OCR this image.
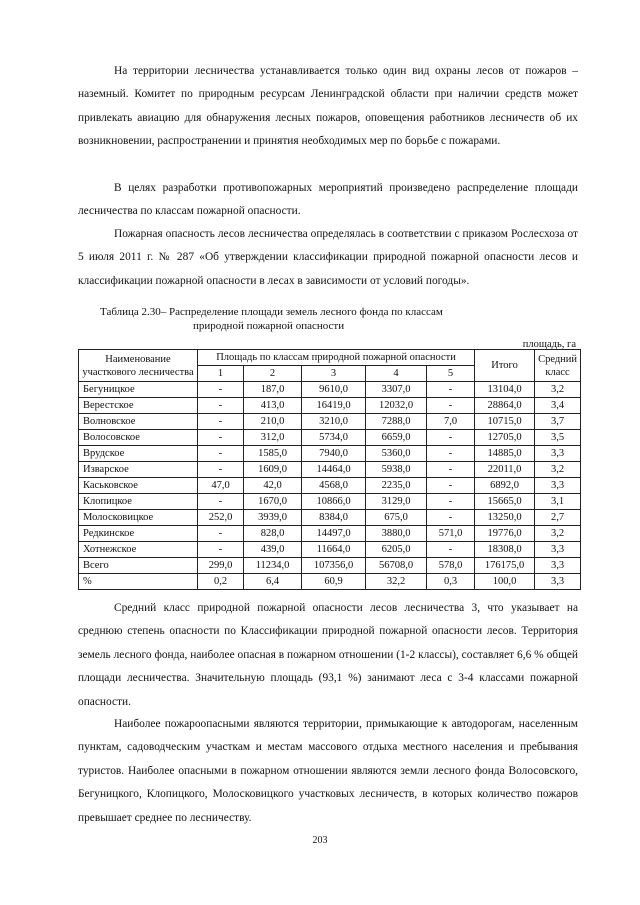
На территории лесничества устанавливается только один вид охраны лесов от пожаров – наземный. Комитет по природным ресурсам Ленинградской области при наличии средств может привлекать авиацию для обнаружения лесных пожаров, оповещения работников лесничеств об их возникновении, распространении и принятия необходимых мер по борьбе с пожарами.

В целях разработки противопожарных мероприятий произведено распределение площади лесничества по классам пожарной опасности.

Пожарная опасность лесов лесничества определялась в соответствии с приказом Рослесхоза от 5 июля 2011 г. № 287 «Об утверждении классификации природной пожарной опасности лесов и классификации пожарной опасности в лесах в зависимости от условий погоды».

Таблица 2.30– Распределение площади земель лесного фонда по классам
природной пожарной опасности
площадь, га
Наименование участкового лесничества	Площадь по классам природной пожарной опасности					Итого	Средний класс
	1	2	3	4	5		
Бегуницкое	-	187,0	9610,0	3307,0	-	13104,0	3,2
Верестское	-	413,0	16419,0	12032,0	-	28864,0	3,4
Волновское	-	210,0	3210,0	7288,0	7,0	10715,0	3,7
Волосовское	-	312,0	5734,0	6659,0	-	12705,0	3,5
Врудское	-	1585,0	7940,0	5360,0	-	14885,0	3,3
Изварское	-	1609,0	14464,0	5938,0	-	22011,0	3,2
Каськовское	47,0	42,0	4568,0	2235,0	-	6892,0	3,3
Клопицкое	-	1670,0	10866,0	3129,0	-	15665,0	3,1
Молосковицкое	252,0	3939,0	8384,0	675,0	-	13250,0	2,7
Редкинское	-	828,0	14497,0	3880,0	571,0	19776,0	3,2
Хотнежское	-	439,0	11664,0	6205,0	-	18308,0	3,3
Всего	299,0	11234,0	107356,0	56708,0	578,0	176175,0	3,3
%	0,2	6,4	60,9	32,2	0,3	100,0	3,3

Средний класс природной пожарной опасности лесов лесничества 3, что указывает на среднюю степень опасности по Классификации природной пожарной опасности лесов. Территория земель лесного фонда, наиболее опасная в пожарном отношении (1-2 классы), составляет 6,6 % общей площади лесничества. Значительную площадь (93,1 %) занимают леса с 3-4 классами пожарной опасности.

Наиболее пожароопасными являются территории, примыкающие к автодорогам, населенным пунктам, садоводческим участкам и местам массового отдыха местного населения и пребывания туристов. Наиболее опасными в пожарном отношении являются земли лесного фонда Волосовского, Бегуницкого, Клопицкого, Молосковицкого участковых лесничеств, в которых количество пожаров превышает среднее по лесничеству.

203
